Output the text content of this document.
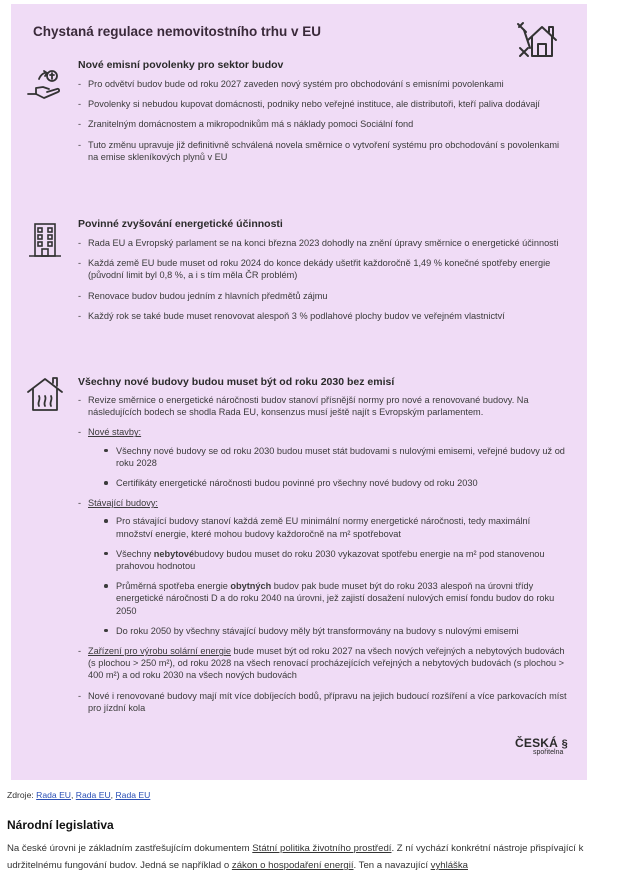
Chystaná regulace nemovitostního trhu v EU
Nové emisní povolenky pro sektor budov
- Pro odvětví budov bude od roku 2027 zaveden nový systém pro obchodování s emisními povolenkami
- Povolenky si nebudou kupovat domácnosti, podniky nebo veřejné instituce, ale distributoři, kteří paliva dodávají
- Zranitelným domácnostem a mikropodnikům má s náklady pomoci Sociální fond
- Tuto změnu upravuje již definitivně schválená novela směrnice o vytvoření systému pro obchodování s povolenkami na emise skleníkových plynů v EU
Povinné zvyšování energetické účinnosti
- Rada EU a Evropský parlament se na konci března 2023 dohodly na znění úpravy směrnice o energetické účinnosti
- Každá země EU bude muset od roku 2024 do konce dekády ušetřit každoročně 1,49 % konečné spotřeby energie (původní limit byl 0,8 %, a i s tím měla ČR problém)
- Renovace budov budou jedním z hlavních předmětů zájmu
- Každý rok se také bude muset renovovat alespoň 3 % podlahové plochy budov ve veřejném vlastnictví
Všechny nové budovy budou muset být od roku 2030 bez emisí
- Revize směrnice o energetické náročnosti budov stanoví přísnější normy pro nové a renovované budovy. Na následujících bodech se shodla Rada EU, konsenzus musí ještě najít s Evropským parlamentem.
- Nové stavby:
Všechny nové budovy se od roku 2030 budou muset stát budovami s nulovými emisemi, veřejné budovy už od roku 2028
Certifikáty energetické náročnosti budou povinné pro všechny nové budovy od roku 2030
- Stávající budovy:
Pro stávající budovy stanoví každá země EU minimální normy energetické náročnosti, tedy maximální množství energie, které mohou budovy každoročně na m² spotřebovat
Všechny nebytovébudovy budou muset do roku 2030 vykazovat spotřebu energie na m² pod stanovenou prahovou hodnotou
Průměrná spotřeba energie obytných budov pak bude muset být do roku 2033 alespoň na úrovni třídy energetické náročnosti D a do roku 2040 na úrovni, jež zajistí dosažení nulových emisí fondu budov do roku 2050
Do roku 2050 by všechny stávající budovy měly být transformovány na budovy s nulovými emisemi
- Zařízení pro výrobu solární energie bude muset být od roku 2027 na všech nových veřejných a nebytových budovách (s plochou > 250 m²), od roku 2028 na všech renovací procházejících veřejných a nebytových budovách (s plochou > 400 m²) a od roku 2030 na všech nových budovách
- Nové i renovované budovy mají mít více dobíjecích bodů, přípravu na jejich budoucí rozšíření a více parkovacích míst pro jízdní kola
ČESKÁ §
spořitelna
Zdroje: Rada EU, Rada EU, Rada EU
Národní legislativa
Na české úrovni je základním zastřešujícím dokumentem Státní politika životního prostředí. Z ní vychází konkrétní nástroje přispívající k udržitelnému fungování budov. Jedná se například o zákon o hospodaření energií. Ten a navazující vyhláška
